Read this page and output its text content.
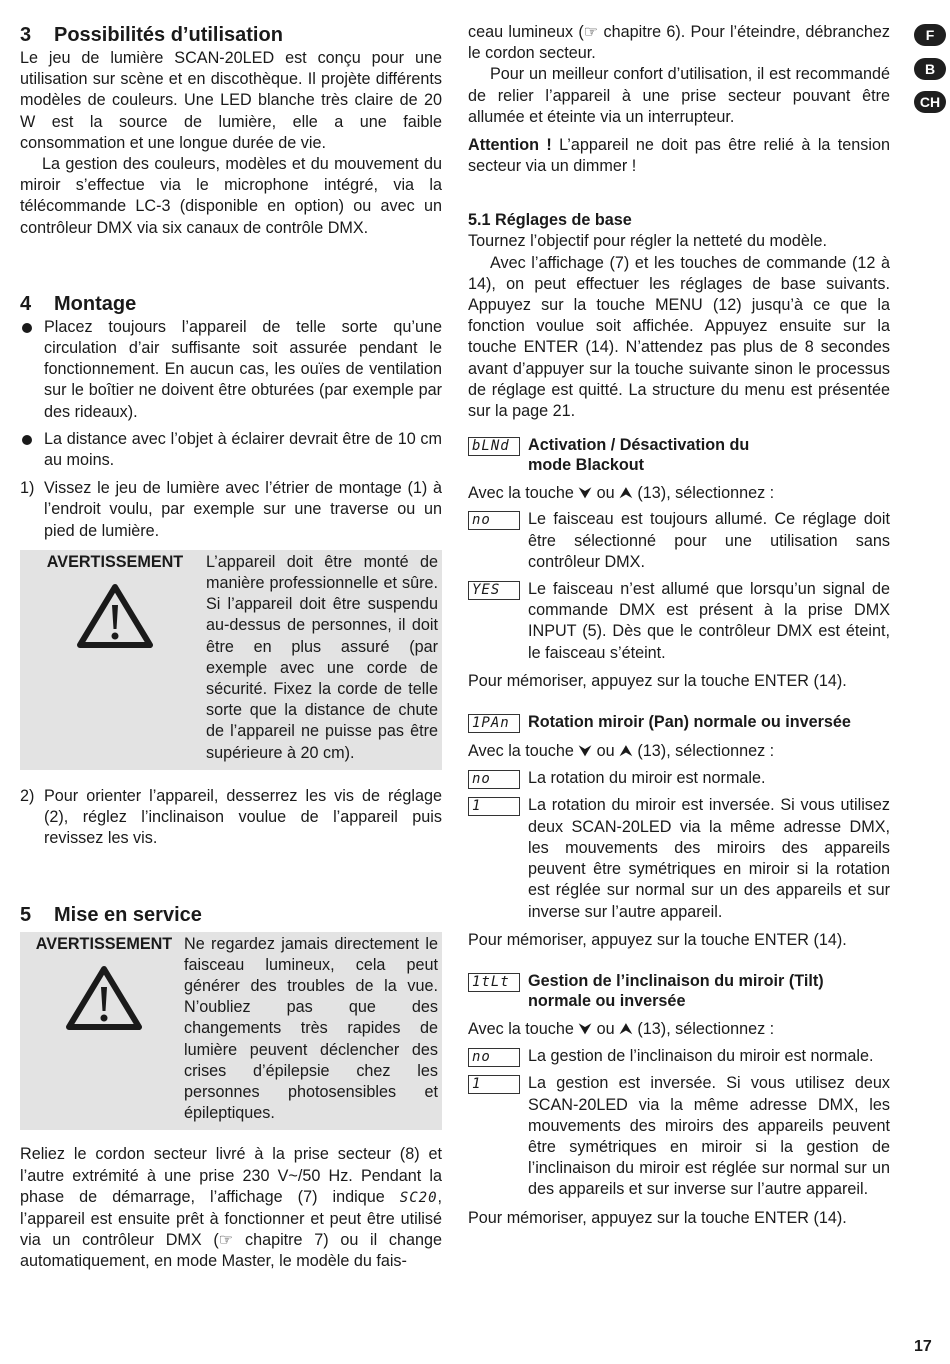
F
B
CH
3 Possibilités d’utilisation

Le jeu de lumière SCAN-20LED est conçu pour une utilisation sur scène et en discothèque. Il projète différents modèles de couleurs. Une LED blanche très claire de 20 W est la source de lumière, elle a une faible consommation et une longue durée de vie.

La gestion des couleurs, modèles et du mouvement du miroir s’effectue via le microphone intégré, via la télécommande LC-3 (disponible en option) ou avec un contrôleur DMX via six canaux de contrôle DMX.

4 Montage
Placez toujours l’appareil de telle sorte qu’une circulation d’air suffisante soit assurée pendant le fonctionnement. En aucun cas, les ouïes de ventilation sur le boîtier ne doivent être obturées (par exemple par des rideaux).
La distance avec l’objet à éclairer devrait être de 10 cm au moins.
1) Vissez le jeu de lumière avec l’étrier de montage (1) à l’endroit voulu, par exemple sur une traverse ou un pied de lumière.
AVERTISSEMENT L’appareil doit être monté de manière professionnelle et sûre. Si l’appareil doit être suspendu au-dessus de personnes, il doit être en plus assuré (par exemple avec une corde de sécurité. Fixez la corde de telle sorte que la distance de chute de l’appareil ne puisse pas être supérieure à 20 cm).
2) Pour orienter l’appareil, desserrez les vis de réglage (2), réglez l’inclinaison voulue de l’appareil puis revissez les vis.
5 Mise en service
AVERTISSEMENT Ne regardez jamais directement le faisceau lumineux, cela peut générer des troubles de la vue. N’oubliez pas que des changements très rapides de lumière peuvent déclencher des crises d’épilepsie chez les personnes photosensibles et épileptiques.

Reliez le cordon secteur livré à la prise secteur (8) et l’autre extrémité à une prise 230 V~/50 Hz. Pendant la phase de démarrage, l’affichage (7) indique SC20, l’appareil est ensuite prêt à fonctionner et peut être utilisé via un contrôleur DMX (☞ chapitre 7) ou il change automatiquement, en mode Master, le modèle du fais-

ceau lumineux (☞ chapitre 6). Pour l’éteindre, débranchez le cordon secteur.

Pour un meilleur confort d’utilisation, il est recommandé de relier l’appareil à une prise secteur pouvant être allumée et éteinte via un interrupteur.

Attention ! L’appareil ne doit pas être relié à la tension secteur via un dimmer !

5.1 Réglages de base

Tournez l’objectif pour régler la netteté du modèle.

Avec l’affichage (7) et les touches de commande (12 à 14), on peut effectuer les réglages de base suivants. Appuyez sur la touche MENU (12) jusqu’à ce que la fonction voulue soit affichée. Appuyez ensuite sur la touche ENTER (14). N’attendez pas plus de 8 secondes avant d’appuyer sur la touche suivante sinon le processus de réglage est quitté. La structure du menu est présentée sur la page 21.

bLNd	Activation / Désactivation du mode Blackout

Avec la touche ⮟ ou ⮝ (13), sélectionnez :

no	Le faisceau est toujours allumé. Ce réglage doit être sélectionné pour une utilisation sans contrôleur DMX.
YES	Le faisceau n’est allumé que lorsqu’un signal de commande DMX est présent à la prise DMX INPUT (5). Dès que le contrôleur DMX est éteint, le faisceau s’éteint.

Pour mémoriser, appuyez sur la touche ENTER (14).

1PAn	Rotation miroir (Pan) normale ou inversée

Avec la touche ⮟ ou ⮝ (13), sélectionnez :

no	La rotation du miroir est normale.
1	La rotation du miroir est inversée. Si vous utilisez deux SCAN-20LED via la même adresse DMX, les mouvements des miroirs des appareils peuvent être symétriques en miroir si la rotation est réglée sur normal sur un des appareils et sur inverse sur l’autre appareil.

Pour mémoriser, appuyez sur la touche ENTER (14).

1tLt	Gestion de l’inclinaison du miroir (Tilt) normale ou inversée

Avec la touche ⮟ ou ⮝ (13), sélectionnez :

no	La gestion de l’inclinaison du miroir est normale.
1	La gestion est inversée. Si vous utilisez deux SCAN-20LED via la même adresse DMX, les mouvements des miroirs des appareils peuvent être symétriques en miroir si la gestion de l’inclinaison du miroir est réglée sur normal sur un des appareils et sur inverse sur l’autre appareil.

Pour mémoriser, appuyez sur la touche ENTER (14).

17
